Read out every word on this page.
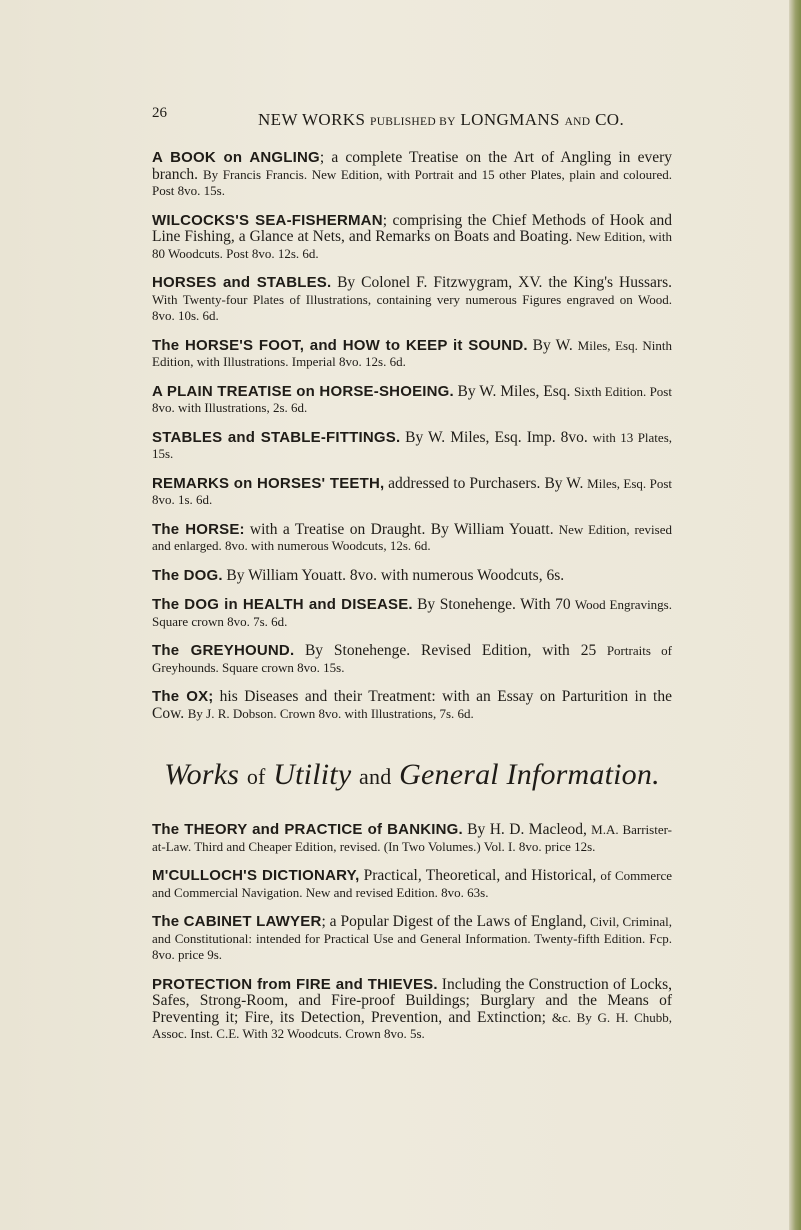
26	NEW WORKS PUBLISHED BY LONGMANS AND CO.

A BOOK on ANGLING; a complete Treatise on the Art of Angling in every branch. By Francis Francis. New Edition, with Portrait and 15 other Plates, plain and coloured. Post 8vo. 15s.

WILCOCKS'S SEA-FISHERMAN; comprising the Chief Methods of Hook and Line Fishing, a Glance at Nets, and Remarks on Boats and Boating. New Edition, with 80 Woodcuts. Post 8vo. 12s. 6d.

HORSES and STABLES. By Colonel F. Fitzwygram, XV. the King's Hussars. With Twenty-four Plates of Illustrations, containing very numerous Figures engraved on Wood. 8vo. 10s. 6d.

The HORSE'S FOOT, and HOW to KEEP it SOUND. By W. Miles, Esq. Ninth Edition, with Illustrations. Imperial 8vo. 12s. 6d.

A PLAIN TREATISE on HORSE-SHOEING. By W. Miles, Esq. Sixth Edition. Post 8vo. with Illustrations, 2s. 6d.

STABLES and STABLE-FITTINGS. By W. Miles, Esq. Imp. 8vo. with 13 Plates, 15s.

REMARKS on HORSES' TEETH, addressed to Purchasers. By W. Miles, Esq. Post 8vo. 1s. 6d.

The HORSE: with a Treatise on Draught. By William Youatt. New Edition, revised and enlarged. 8vo. with numerous Woodcuts, 12s. 6d.

The DOG. By William Youatt. 8vo. with numerous Woodcuts, 6s.

The DOG in HEALTH and DISEASE. By Stonehenge. With 70 Wood Engravings. Square crown 8vo. 7s. 6d.

The GREYHOUND. By Stonehenge. Revised Edition, with 25 Portraits of Greyhounds. Square crown 8vo. 15s.

The OX; his Diseases and their Treatment: with an Essay on Parturition in the Cow. By J. R. Dobson. Crown 8vo. with Illustrations, 7s. 6d.

Works of Utility and General Information.

The THEORY and PRACTICE of BANKING. By H. D. Macleod, M.A. Barrister-at-Law. Third and Cheaper Edition, revised. (In Two Volumes.) Vol. I. 8vo. price 12s.

M'CULLOCH'S DICTIONARY, Practical, Theoretical, and Historical, of Commerce and Commercial Navigation. New and revised Edition. 8vo. 63s.

The CABINET LAWYER; a Popular Digest of the Laws of England, Civil, Criminal, and Constitutional: intended for Practical Use and General Information. Twenty-fifth Edition. Fcp. 8vo. price 9s.

PROTECTION from FIRE and THIEVES. Including the Construction of Locks, Safes, Strong-Room, and Fire-proof Buildings; Burglary and the Means of Preventing it; Fire, its Detection, Prevention, and Extinction; &c. By G. H. Chubb, Assoc. Inst. C.E. With 32 Woodcuts. Crown 8vo. 5s.
